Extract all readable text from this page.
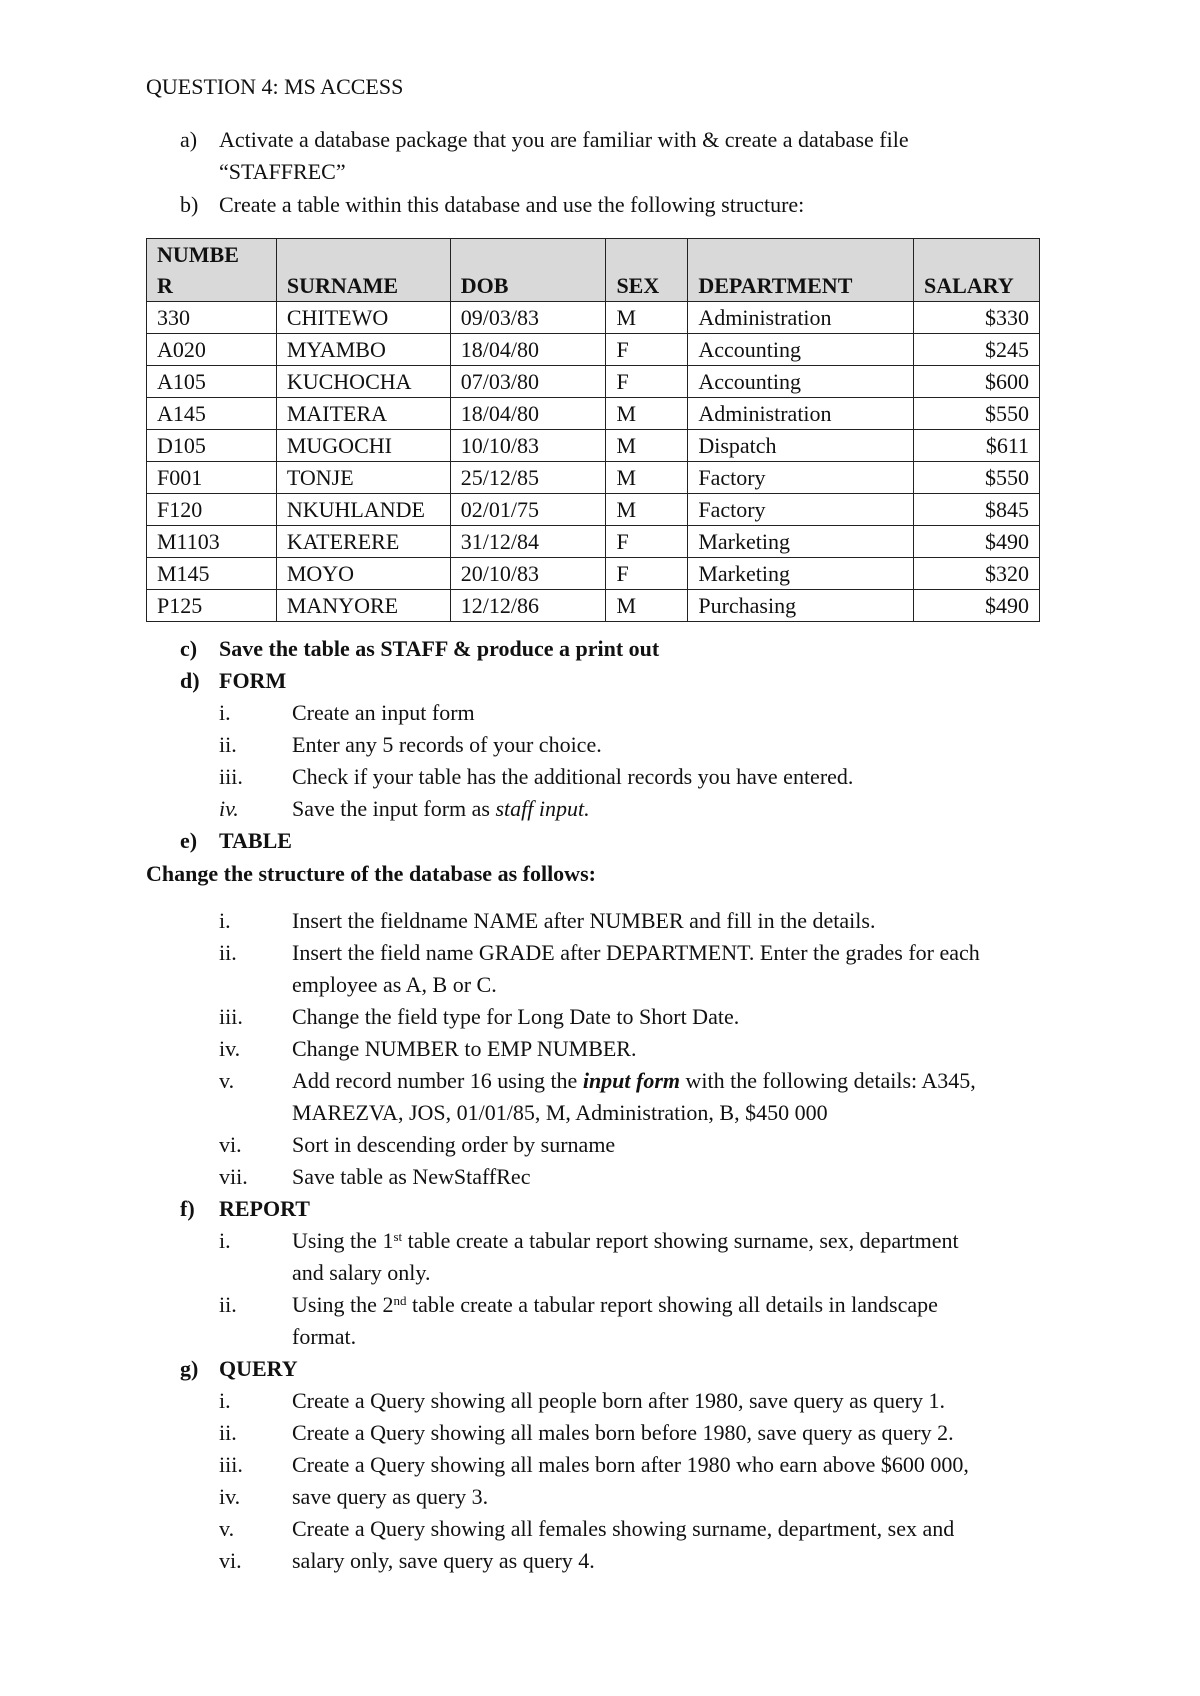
QUESTION 4: MS ACCESS
a) Activate a database package that you are familiar with & create a database file
“STAFFREC”
b) Create a table within this database and use the following structure:
NUMBE
R	SURNAME	DOB	SEX	DEPARTMENT	SALARY
330	CHITEWO	09/03/83	M	Administration	$330
A020	MYAMBO	18/04/80	F	Accounting	$245
A105	KUCHOCHA	07/03/80	F	Accounting	$600
A145	MAITERA	18/04/80	M	Administration	$550
D105	MUGOCHI	10/10/83	M	Dispatch	$611
F001	TONJE	25/12/85	M	Factory	$550
F120	NKUHLANDE	02/01/75	M	Factory	$845
M1103	KATERERE	31/12/84	F	Marketing	$490
M145	MOYO	20/10/83	F	Marketing	$320
P125	MANYORE	12/12/86	M	Purchasing	$490
c) Save the table as STAFF & produce a print out
d) FORM
i.	Create an input form
ii.	Enter any 5 records of your choice.
iii. Check if your table has the additional records you have entered.
iv. Save the input form as staff input.
e) TABLE
Change the structure of the database as follows:
i.	Insert the fieldname NAME after NUMBER and fill in the details.
ii.	Insert the field name GRADE after DEPARTMENT. Enter the grades for each
employee as A, B or C.
iii. Change the field type for Long Date to Short Date.
iv. Change NUMBER to EMP NUMBER.
v.	Add record number 16 using the input form with the following details: A345,
MAREZVA, JOS, 01/01/85, M, Administration, B, $450 000
vi. Sort in descending order by surname
vii. Save table as NewStaffRec
f) REPORT
i.	Using the 1st table create a tabular report showing surname, sex, department
and salary only.
ii.	Using the 2nd table create a tabular report showing all details in landscape
format.
g) QUERY
i.	Create a Query showing all people born after 1980, save query as query 1.
ii.	Create a Query showing all males born before 1980, save query as query 2.
iii. Create a Query showing all males born after 1980 who earn above $600 000,
iv. save query as query 3.
v.	Create a Query showing all females showing surname, department, sex and
vi. salary only, save query as query 4.
